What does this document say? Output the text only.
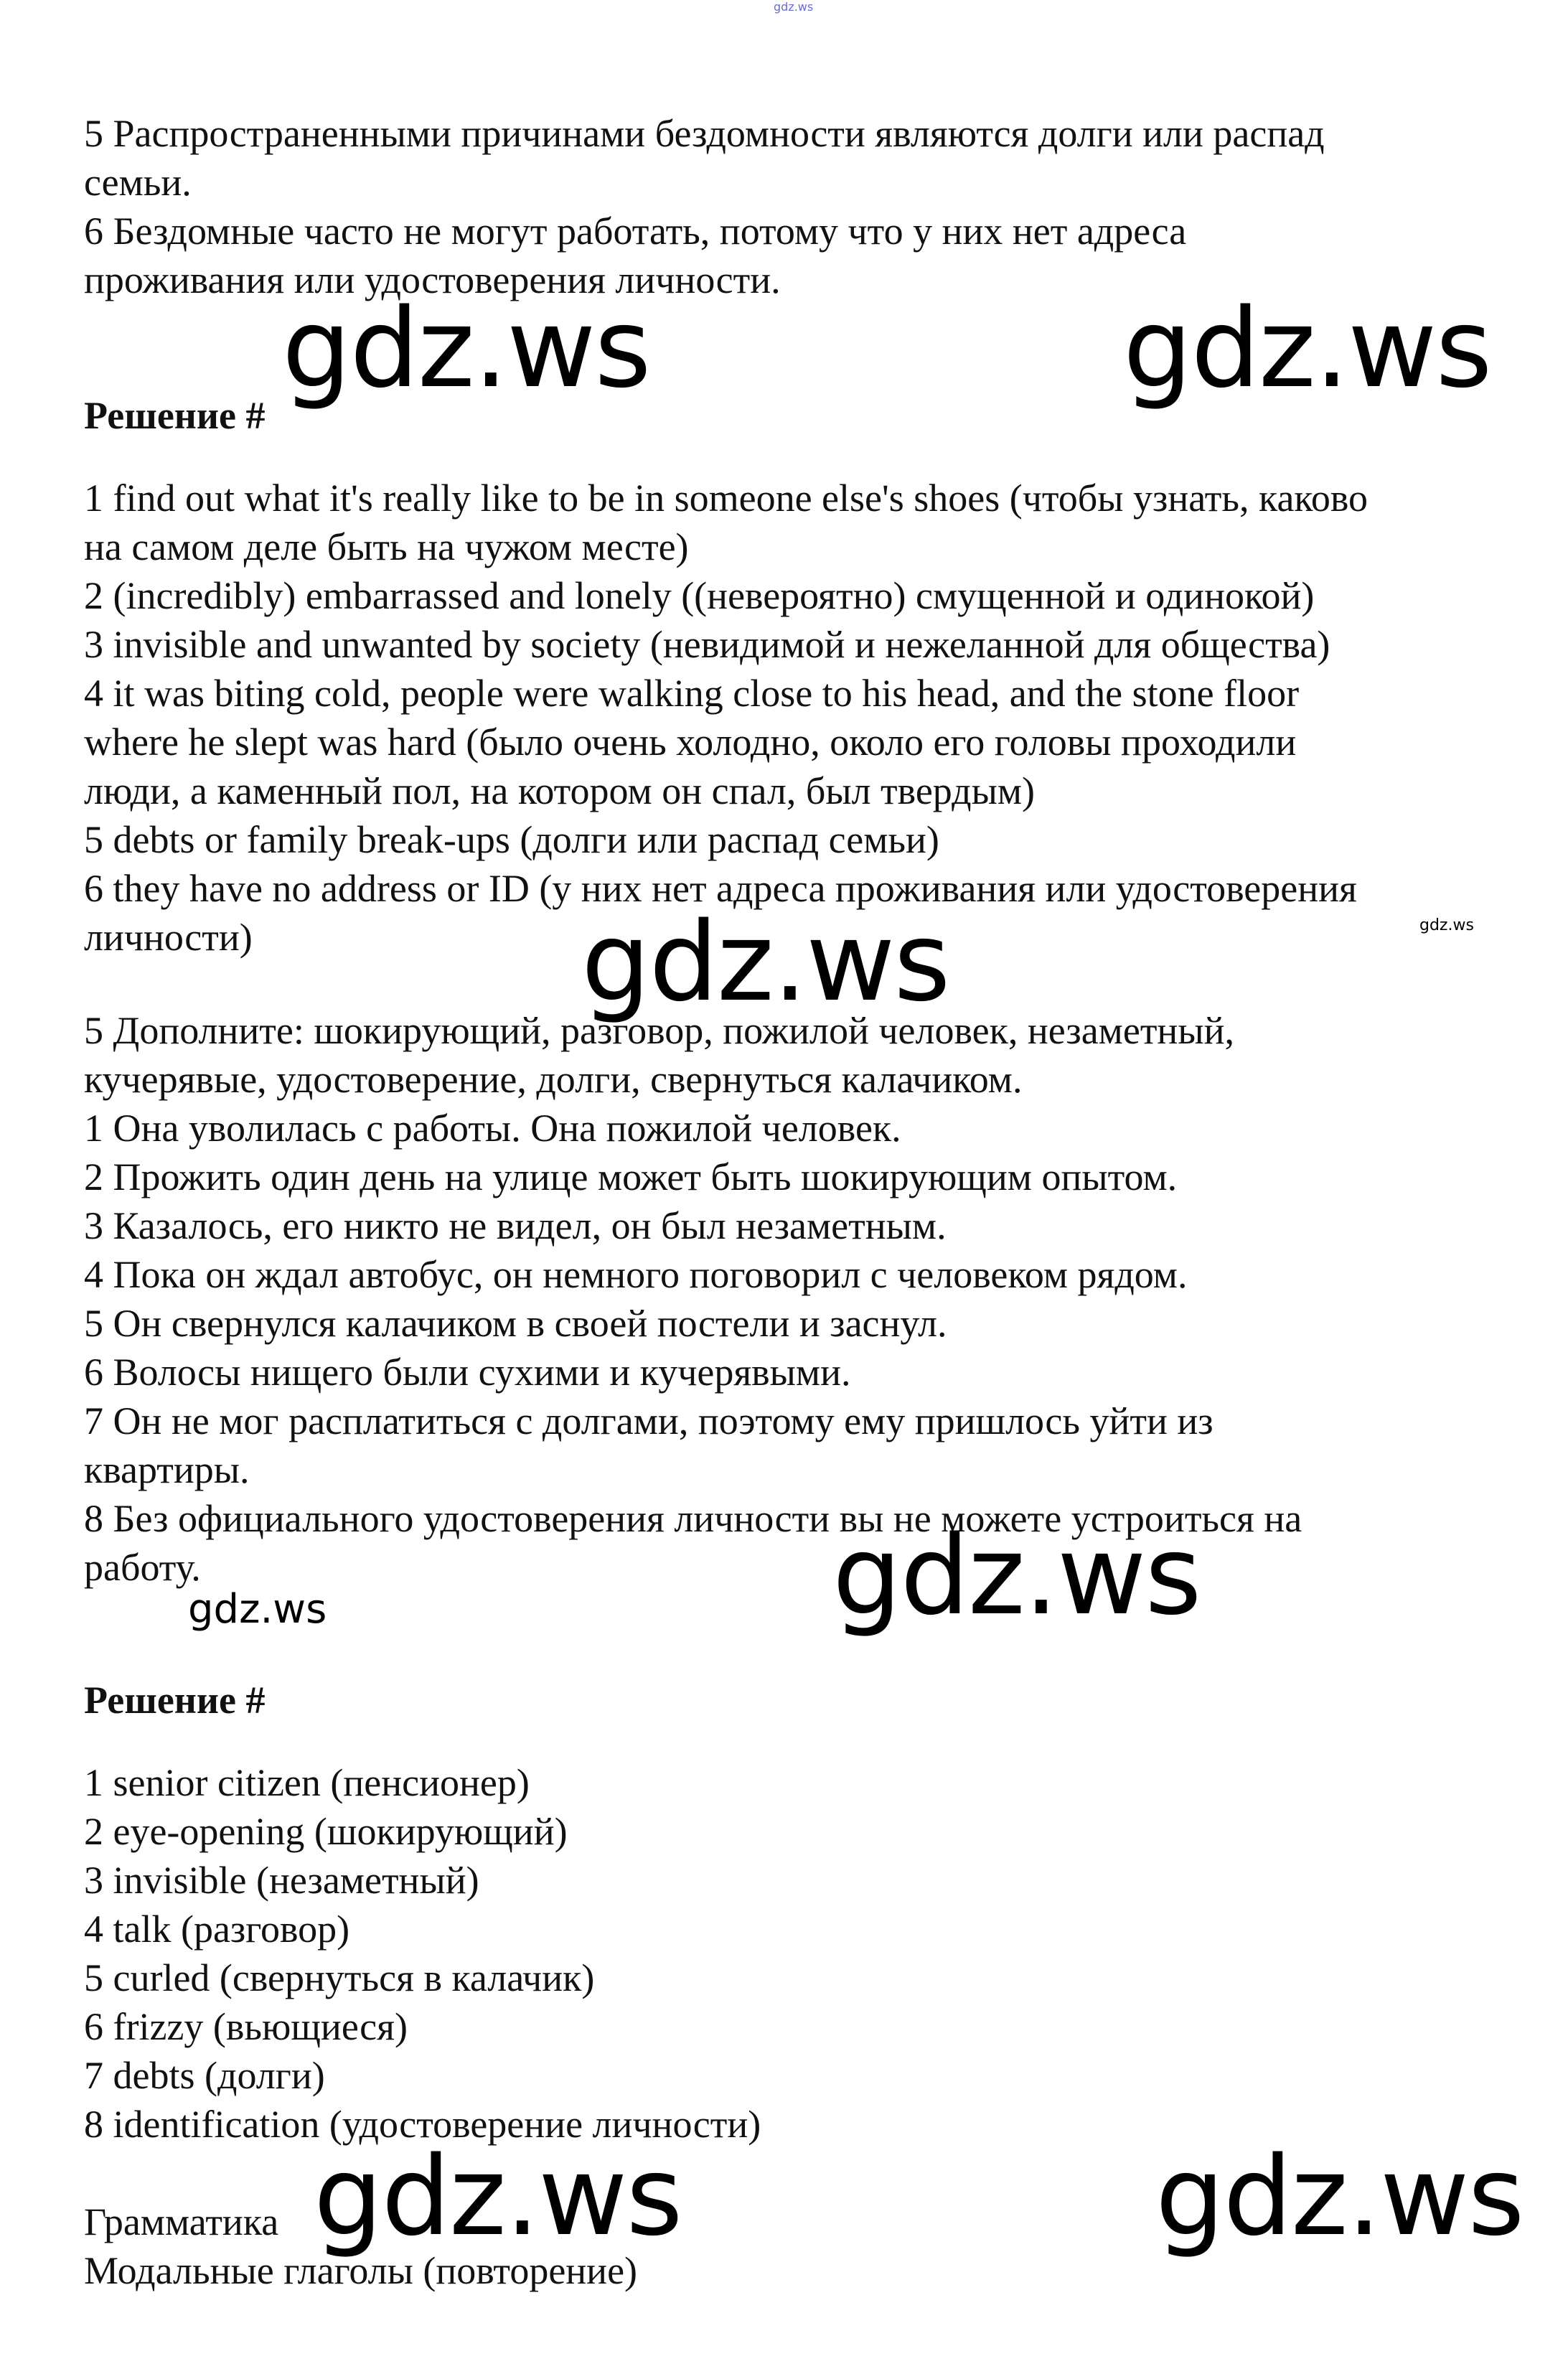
gdz.ws
5 Распространенными причинами бездомности являются долги или распад
семьи.
6 Бездомные часто не могут работать, потому что у них нет адреса
проживания или удостоверения личности.
gdz.ws	gdz.ws
Решение #
1 find out what it's really like to be in someone else's shoes (чтобы узнать, каково
на самом деле быть на чужом месте)
2 (incredibly) embarrassed and lonely ((невероятно) смущенной и одинокой)
3 invisible and unwanted by society (невидимой и нежеланной для общества)
4 it was biting cold, people were walking close to his head, and the stone floor
where he slept was hard (было очень холодно, около его головы проходили
люди, а каменный пол, на котором он спал, был твердым)
5 debts or family break-ups (долги или распад семьи)
6 they have no address or ID (у них нет адреса проживания или удостоверения
личности)	gdz.ws
gdz.ws
5 Дополните: шокирующий, разговор, пожилой человек, незаметный,
кучерявые, удостоверение, долги, свернуться калачиком.
1 Она уволилась с работы. Она пожилой человек.
2 Прожить один день на улице может быть шокирующим опытом.
3 Казалось, его никто не видел, он был незаметным.
4 Пока он ждал автобус, он немного поговорил с человеком рядом.
5 Он свернулся калачиком в своей постели и заснул.
6 Волосы нищего были сухими и кучерявыми.
7 Он не мог расплатиться с долгами, поэтому ему пришлось уйти из
квартиры.
8 Без официального удостоверения личности вы не можете устроиться на
работу.	gdz.ws
gdz.ws
Решение #
1 senior citizen (пенсионер)
2 eye-opening (шокирующий)
3 invisible (незаметный)
4 talk (разговор)
5 curled (свернуться в калачик)
6 frizzy (вьющиеся)
7 debts (долги)
8 identification (удостоверение личности)
Грамматика
Модальные глаголы (повторение)
gdz.ws	gdz.ws
